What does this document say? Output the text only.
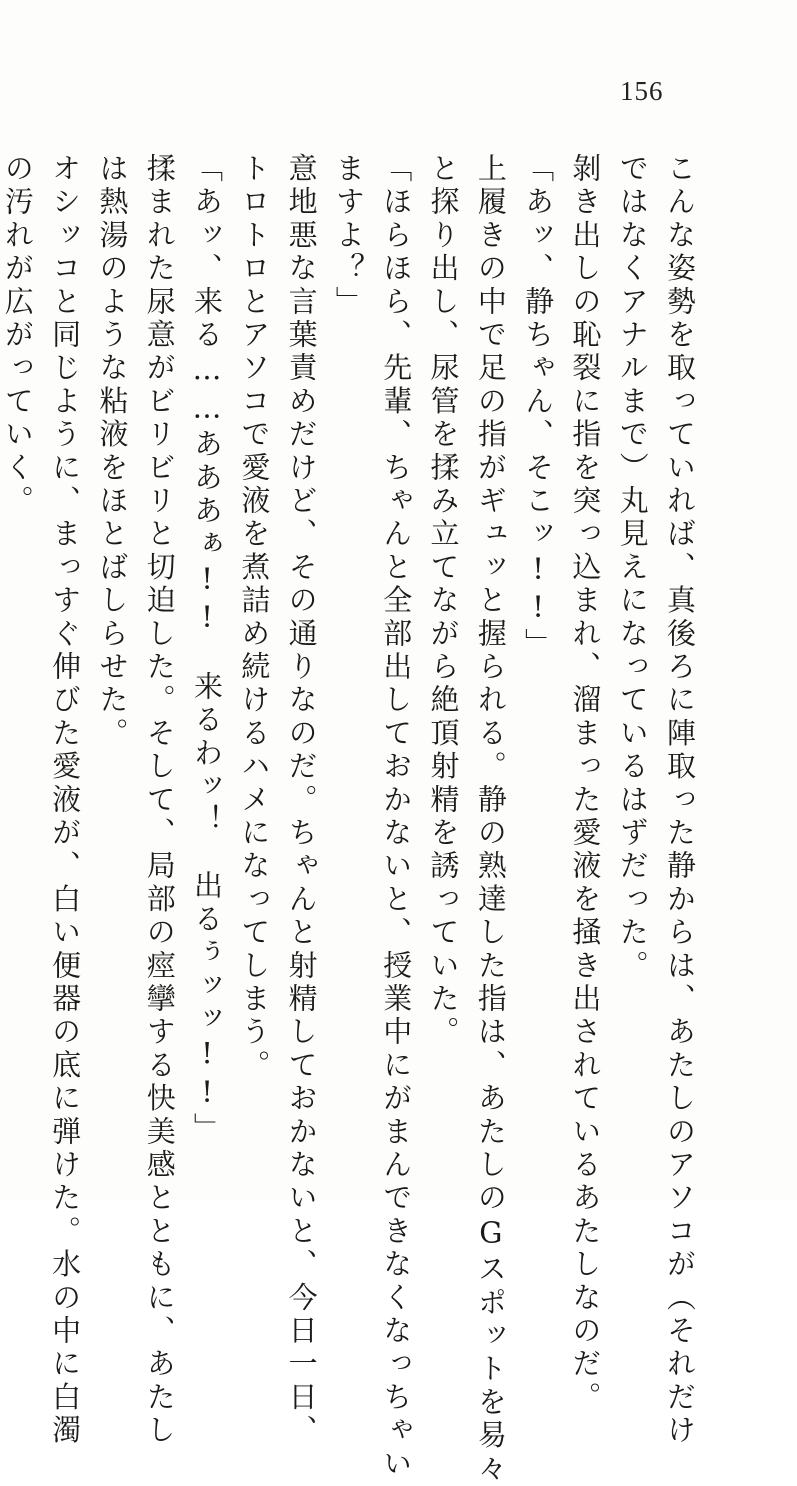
156
こんな姿勢を取っていれば、真後ろに陣取った静からは、あたしのアソコが（それだけ
ではなくアナルまで）丸見えになっているはずだった。
剝き出しの恥裂に指を突っ込まれ、溜まった愛液を掻き出されているあたしなのだ。
「あッ、静ちゃん、そこッ!!」
上履きの中で足の指がギュッと握られる。静の熟達した指は、あたしのGスポットを易々
と探り出し、尿管を揉み立てながら絶頂射精を誘っていた。
「ほらほら、先輩、ちゃんと全部出しておかないと、授業中にがまんできなくなっちゃい
ますよ？」
意地悪な言葉責めだけど、その通りなのだ。ちゃんと射精しておかないと、今日一日、
トロトロとアソコで愛液を煮詰め続けるハメになってしまう。
「あッ、来る……あああぁ!!　来るわッ！　出るぅッッ!!」
揉まれた尿意がビリビリと切迫した。そして、局部の痙攣する快美感とともに、あたし
は熱湯のような粘液をほとばしらせた。
オシッコと同じように、まっすぐ伸びた愛液が、白い便器の底に弾けた。水の中に白濁
の汚れが広がっていく。
